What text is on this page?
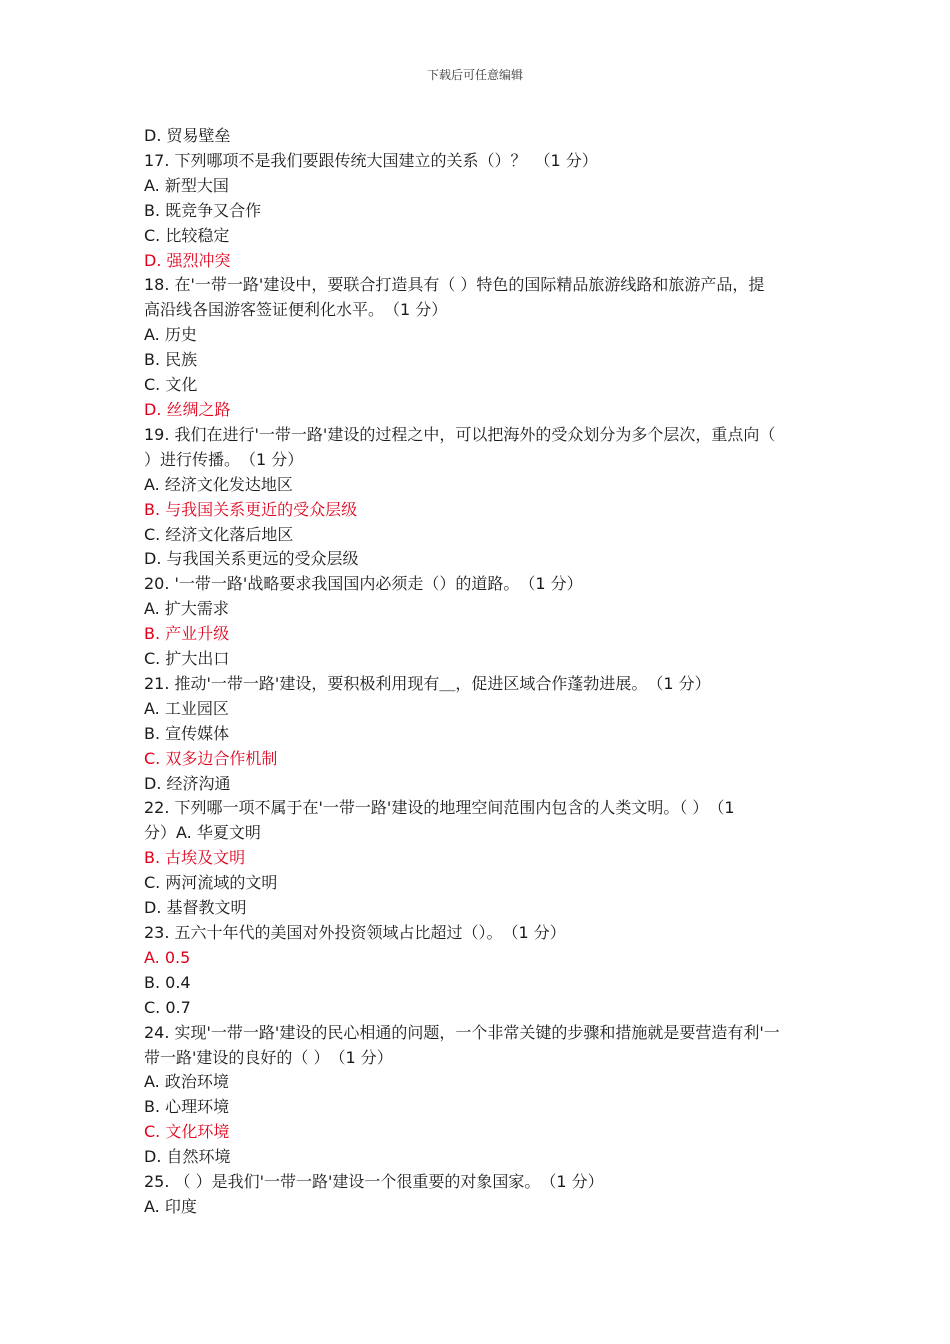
下载后可任意编辑
D. 贸易壁垒
17. 下列哪项不是我们要跟传统大国建立的关系（）？　（1 分）
A. 新型大国
B. 既竞争又合作
C. 比较稳定
D. 强烈冲突
18. 在'一带一路'建设中，要联合打造具有（ ）特色的国际精品旅游线路和旅游产品，提
高沿线各国游客签证便利化水平。　（1 分）
A. 历史
B. 民族
C. 文化
D. 丝绸之路
19. 我们在进行'一带一路'建设的过程之中，可以把海外的受众划分为多个层次，重点向（
）进行传播。　（1 分）
A. 经济文化发达地区
B. 与我国关系更近的受众层级
C. 经济文化落后地区
D. 与我国关系更远的受众层级
20. '一带一路'战略要求我国国内必须走（）的道路。　（1 分）
A. 扩大需求
B. 产业升级
C. 扩大出口
21. 推动'一带一路'建设，要积极利用现有＿，促进区域合作蓬勃进展。　（1 分）
A. 工业园区
B. 宣传媒体
C. 双多边合作机制
D. 经济沟通
22. 下列哪一项不属于在'一带一路'建设的地理空间范围内包含的人类文明。（ ）　（1
分）A. 华夏文明
B. 古埃及文明
C. 两河流域的文明
D. 基督教文明
23. 五六十年代的美国对外投资领域占比超过（）。　（1 分）
A. 0.5
B. 0.4
C. 0.7
24. 实现'一带一路'建设的民心相通的问题，一个非常关键的步骤和措施就是要营造有利'一
带一路'建设的良好的（ ）　（1 分）
A. 政治环境
B. 心理环境
C. 文化环境
D. 自然环境
25. （ ）是我们'一带一路'建设一个很重要的对象国家。　（1 分）
A. 印度
